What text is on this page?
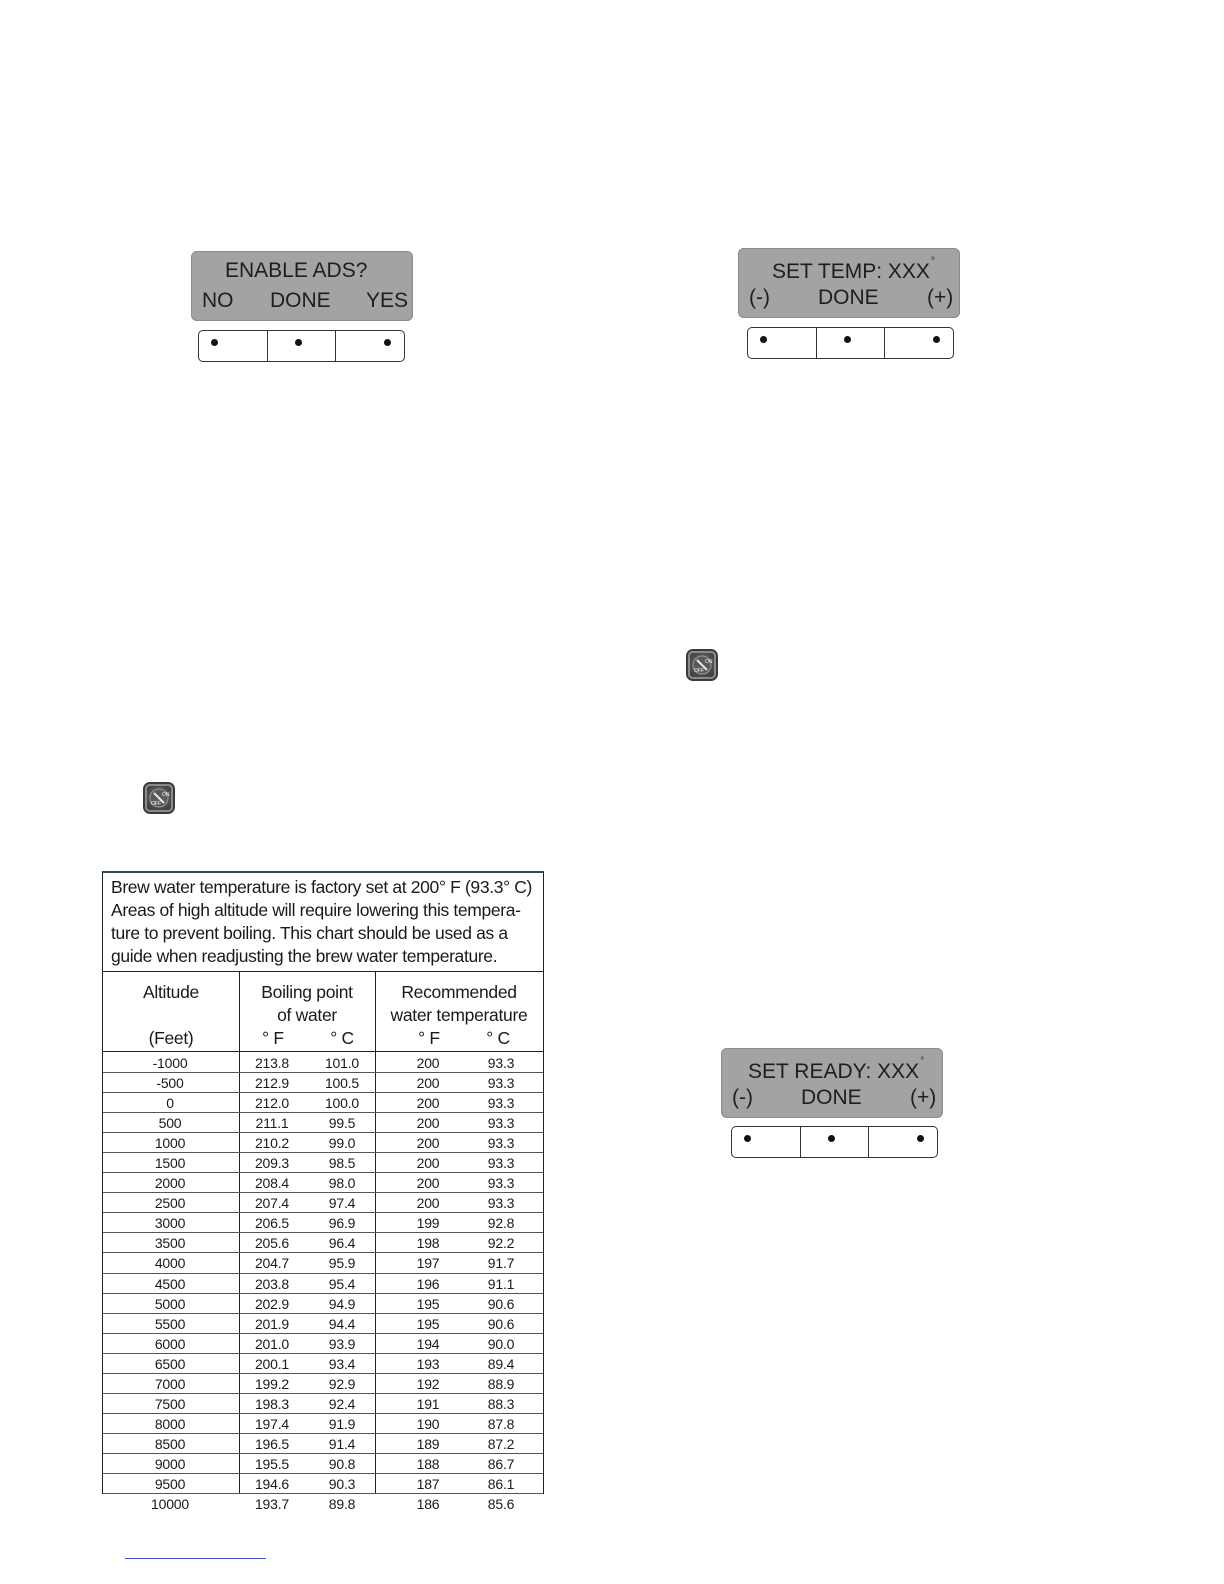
ENABLE ADS?
NO DONE YES
SET TEMP: XXX°
(-) DONE (+)
SET READY: XXX°
(-) DONE (+)
ON
OFF
ON
OFF
Brew water temperature is factory set at 200° F (93.3° C)
Areas of high altitude will require lowering this tempera-
ture to prevent boiling. This chart should be used as a
guide when readjusting the brew water temperature.
Altitude
(Feet)
Boiling point
of water
° F	° C
Recommended
water temperature
° F	° C
-1000	213.8	101.0	200	93.3
-500	212.9	100.5	200	93.3
0	212.0	100.0	200	93.3
500	211.1	99.5	200	93.3
1000	210.2	99.0	200	93.3
1500	209.3	98.5	200	93.3
2000	208.4	98.0	200	93.3
2500	207.4	97.4	200	93.3
3000	206.5	96.9	199	92.8
3500	205.6	96.4	198	92.2
4000	204.7	95.9	197	91.7
4500	203.8	95.4	196	91.1
5000	202.9	94.9	195	90.6
5500	201.9	94.4	195	90.6
6000	201.0	93.9	194	90.0
6500	200.1	93.4	193	89.4
7000	199.2	92.9	192	88.9
7500	198.3	92.4	191	88.3
8000	197.4	91.9	190	87.8
8500	196.5	91.4	189	87.2
9000	195.5	90.8	188	86.7
9500	194.6	90.3	187	86.1
10000	193.7	89.8	186	85.6
